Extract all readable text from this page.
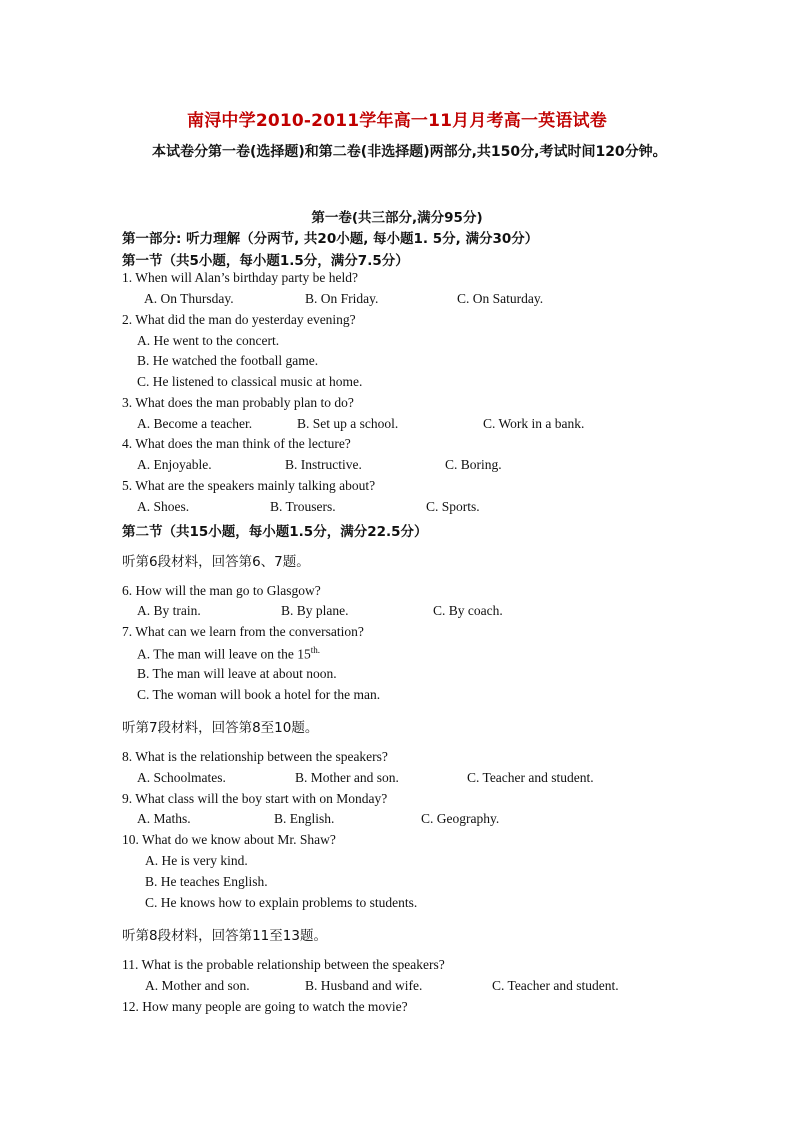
南浔中学2010-2011学年高一11月月考高一英语试卷
本试卷分第一卷(选择题)和第二卷(非选择题)两部分,共150分,考试时间120分钟。
第一卷(共三部分,满分95分)
第一部分: 听力理解（分两节, 共20小题, 每小题1. 5分, 满分30分）
第一节（共5小题，每小题1.5分，满分7.5分）
1. When will Alan’s birthday party be held?
A. On Thursday.	B. On Friday.	C. On Saturday.
2. What did the man do yesterday evening?
A. He went to the concert.
B. He watched the football game.
C. He listened to classical music at home.
3. What does the man probably plan to do?
A. Become a teacher.	B. Set up a school.	C. Work in a bank.
4. What does the man think of the lecture?
A. Enjoyable.	B. Instructive.	C. Boring.
5. What are the speakers mainly talking about?
A. Shoes.	B. Trousers.	C. Sports.
第二节（共15小题，每小题1.5分，满分22.5分）
听第6段材料，回答第6、7题。
6. How will the man go to Glasgow?
A. By train.	B. By plane.	C. By coach.
7. What can we learn from the conversation?
A. The man will leave on the $15^{th.}$
B. The man will leave at about noon.
C. The woman will book a hotel for the man.
听第7段材料，回答第8至10题。
8. What is the relationship between the speakers?
A. Schoolmates.	B. Mother and son.	C. Teacher and student.
9. What class will the boy start with on Monday?
A. Maths.	B. English.	C. Geography.
10. What do we know about Mr. Shaw?
A. He is very kind.
B. He teaches English.
C. He knows how to explain problems to students.
听第8段材料，回答第11至13题。
11. What is the probable relationship between the speakers?
A. Mother and son.	B. Husband and wife.	C. Teacher and student.
12. How many people are going to watch the movie?
